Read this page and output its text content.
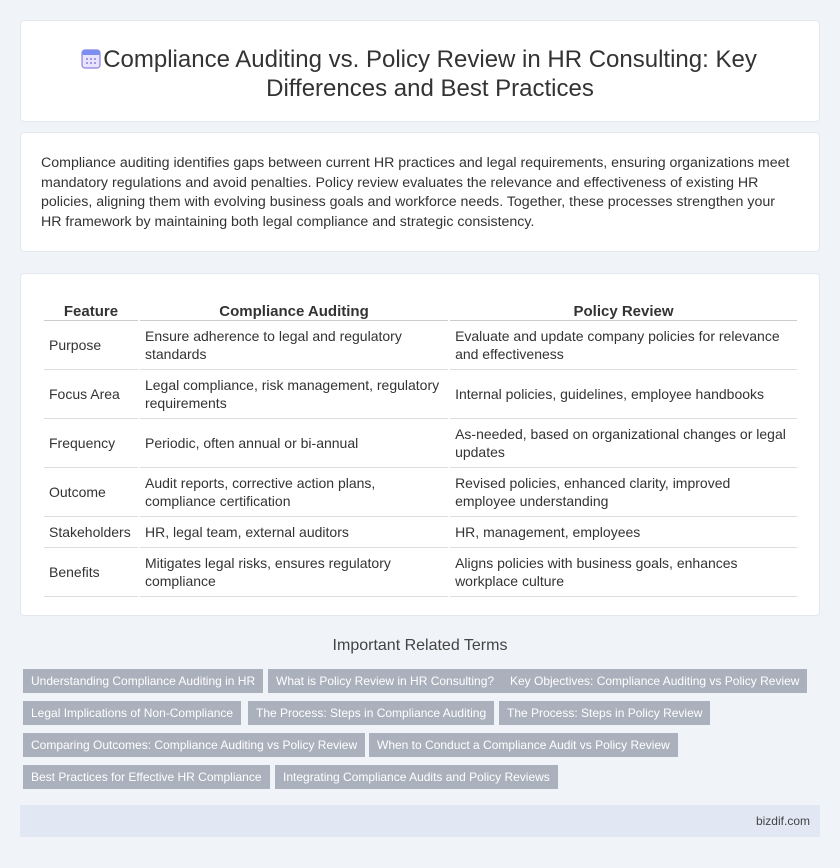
Compliance Auditing vs. Policy Review in HR Consulting: Key Differences and Best Practices

Compliance auditing identifies gaps between current HR practices and legal requirements, ensuring organizations meet mandatory regulations and avoid penalties. Policy review evaluates the relevance and effectiveness of existing HR policies, aligning them with evolving business goals and workforce needs. Together, these processes strengthen your HR framework by maintaining both legal compliance and strategic consistency.

Feature	Compliance Auditing	Policy Review
Purpose	Ensure adherence to legal and regulatory standards	Evaluate and update company policies for relevance and effectiveness
Focus Area	Legal compliance, risk management, regulatory requirements	Internal policies, guidelines, employee handbooks
Frequency	Periodic, often annual or bi-annual	As-needed, based on organizational changes or legal updates
Outcome	Audit reports, corrective action plans, compliance certification	Revised policies, enhanced clarity, improved employee understanding
Stakeholders	HR, legal team, external auditors	HR, management, employees
Benefits	Mitigates legal risks, ensures regulatory compliance	Aligns policies with business goals, enhances workplace culture
Important Related Terms
Understanding Compliance Auditing in HR	What is Policy Review in HR Consulting?	Key Objectives: Compliance Auditing vs Policy Review
Legal Implications of Non-Compliance	The Process: Steps in Compliance Auditing	The Process: Steps in Policy Review
Comparing Outcomes: Compliance Auditing vs Policy Review	When to Conduct a Compliance Audit vs Policy Review
Best Practices for Effective HR Compliance	Integrating Compliance Audits and Policy Reviews
bizdif.com
